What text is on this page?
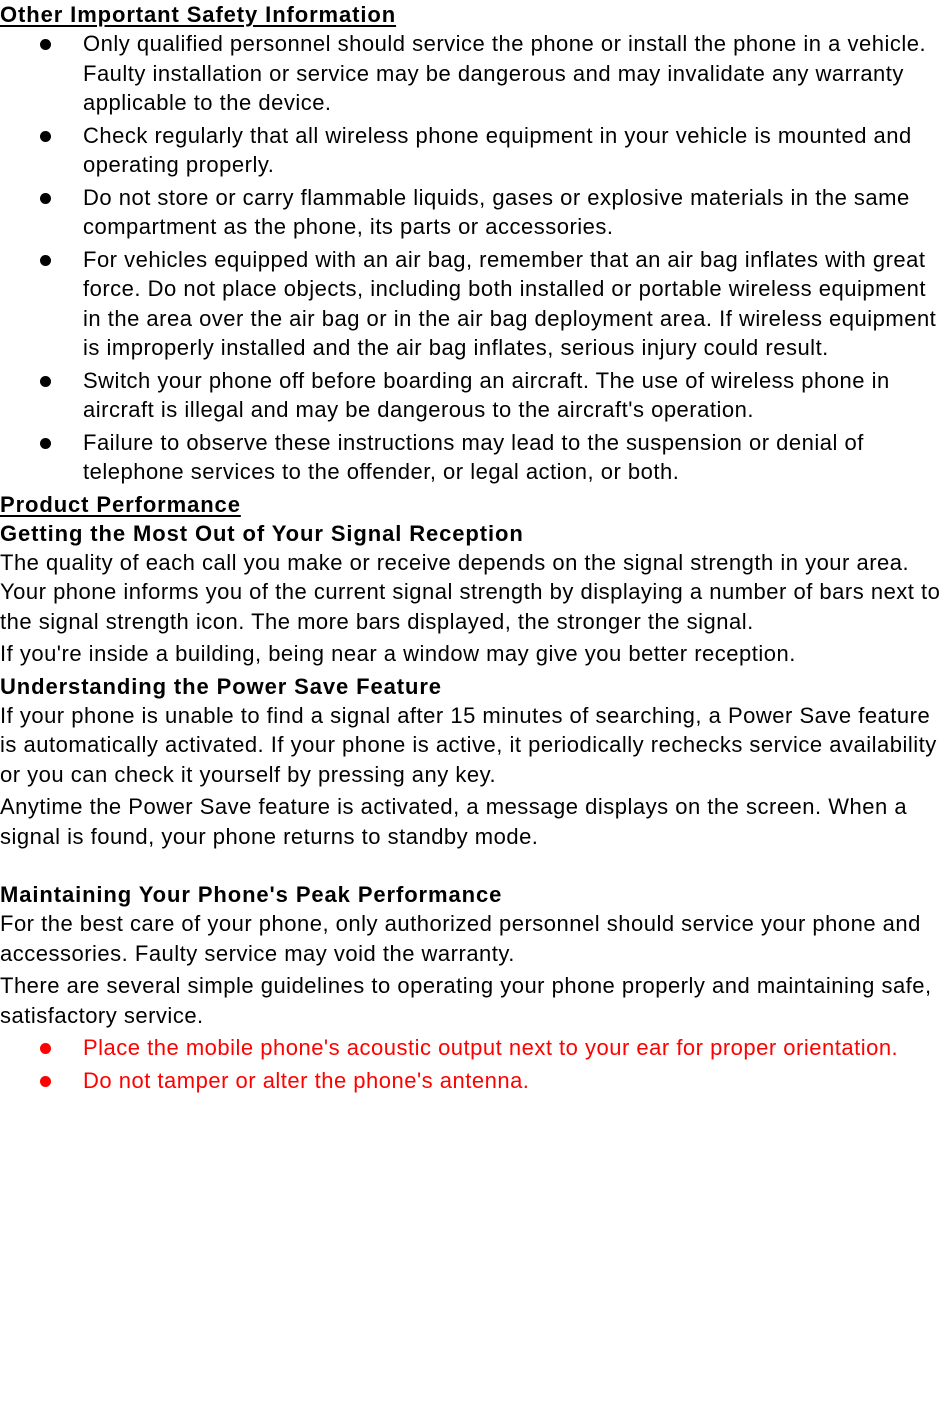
Other Important Safety Information
Only qualified personnel should service the phone or install the phone in a vehicle. Faulty installation or service may be dangerous and may invalidate any warranty applicable to the device.
Check regularly that all wireless phone equipment in your vehicle is mounted and operating properly.
Do not store or carry flammable liquids, gases or explosive materials in the same compartment as the phone, its parts or accessories.
For vehicles equipped with an air bag, remember that an air bag inflates with great force. Do not place objects, including both installed or portable wireless equipment in the area over the air bag or in the air bag deployment area. If wireless equipment is improperly installed and the air bag inflates, serious injury could result.
Switch your phone off before boarding an aircraft. The use of wireless phone in aircraft is illegal and may be dangerous to the aircraft's operation.
Failure to observe these instructions may lead to the suspension or denial of telephone services to the offender, or legal action, or both.
Product Performance
Getting the Most Out of Your Signal Reception

The quality of each call you make or receive depends on the signal strength in your area. Your phone informs you of the current signal strength by displaying a number of bars next to the signal strength icon. The more bars displayed, the stronger the signal.

If you're inside a building, being near a window may give you better reception.

Understanding the Power Save Feature

If your phone is unable to find a signal after 15 minutes of searching, a Power Save feature is automatically activated. If your phone is active, it periodically rechecks service availability or you can check it yourself by pressing any key.

Anytime the Power Save feature is activated, a message displays on the screen. When a signal is found, your phone returns to standby mode.

Maintaining Your Phone's Peak Performance

For the best care of your phone, only authorized personnel should service your phone and accessories. Faulty service may void the warranty.

There are several simple guidelines to operating your phone properly and maintaining safe, satisfactory service.

Place the mobile phone's acoustic output next to your ear for proper orientation.
Do not tamper or alter the phone's antenna.
